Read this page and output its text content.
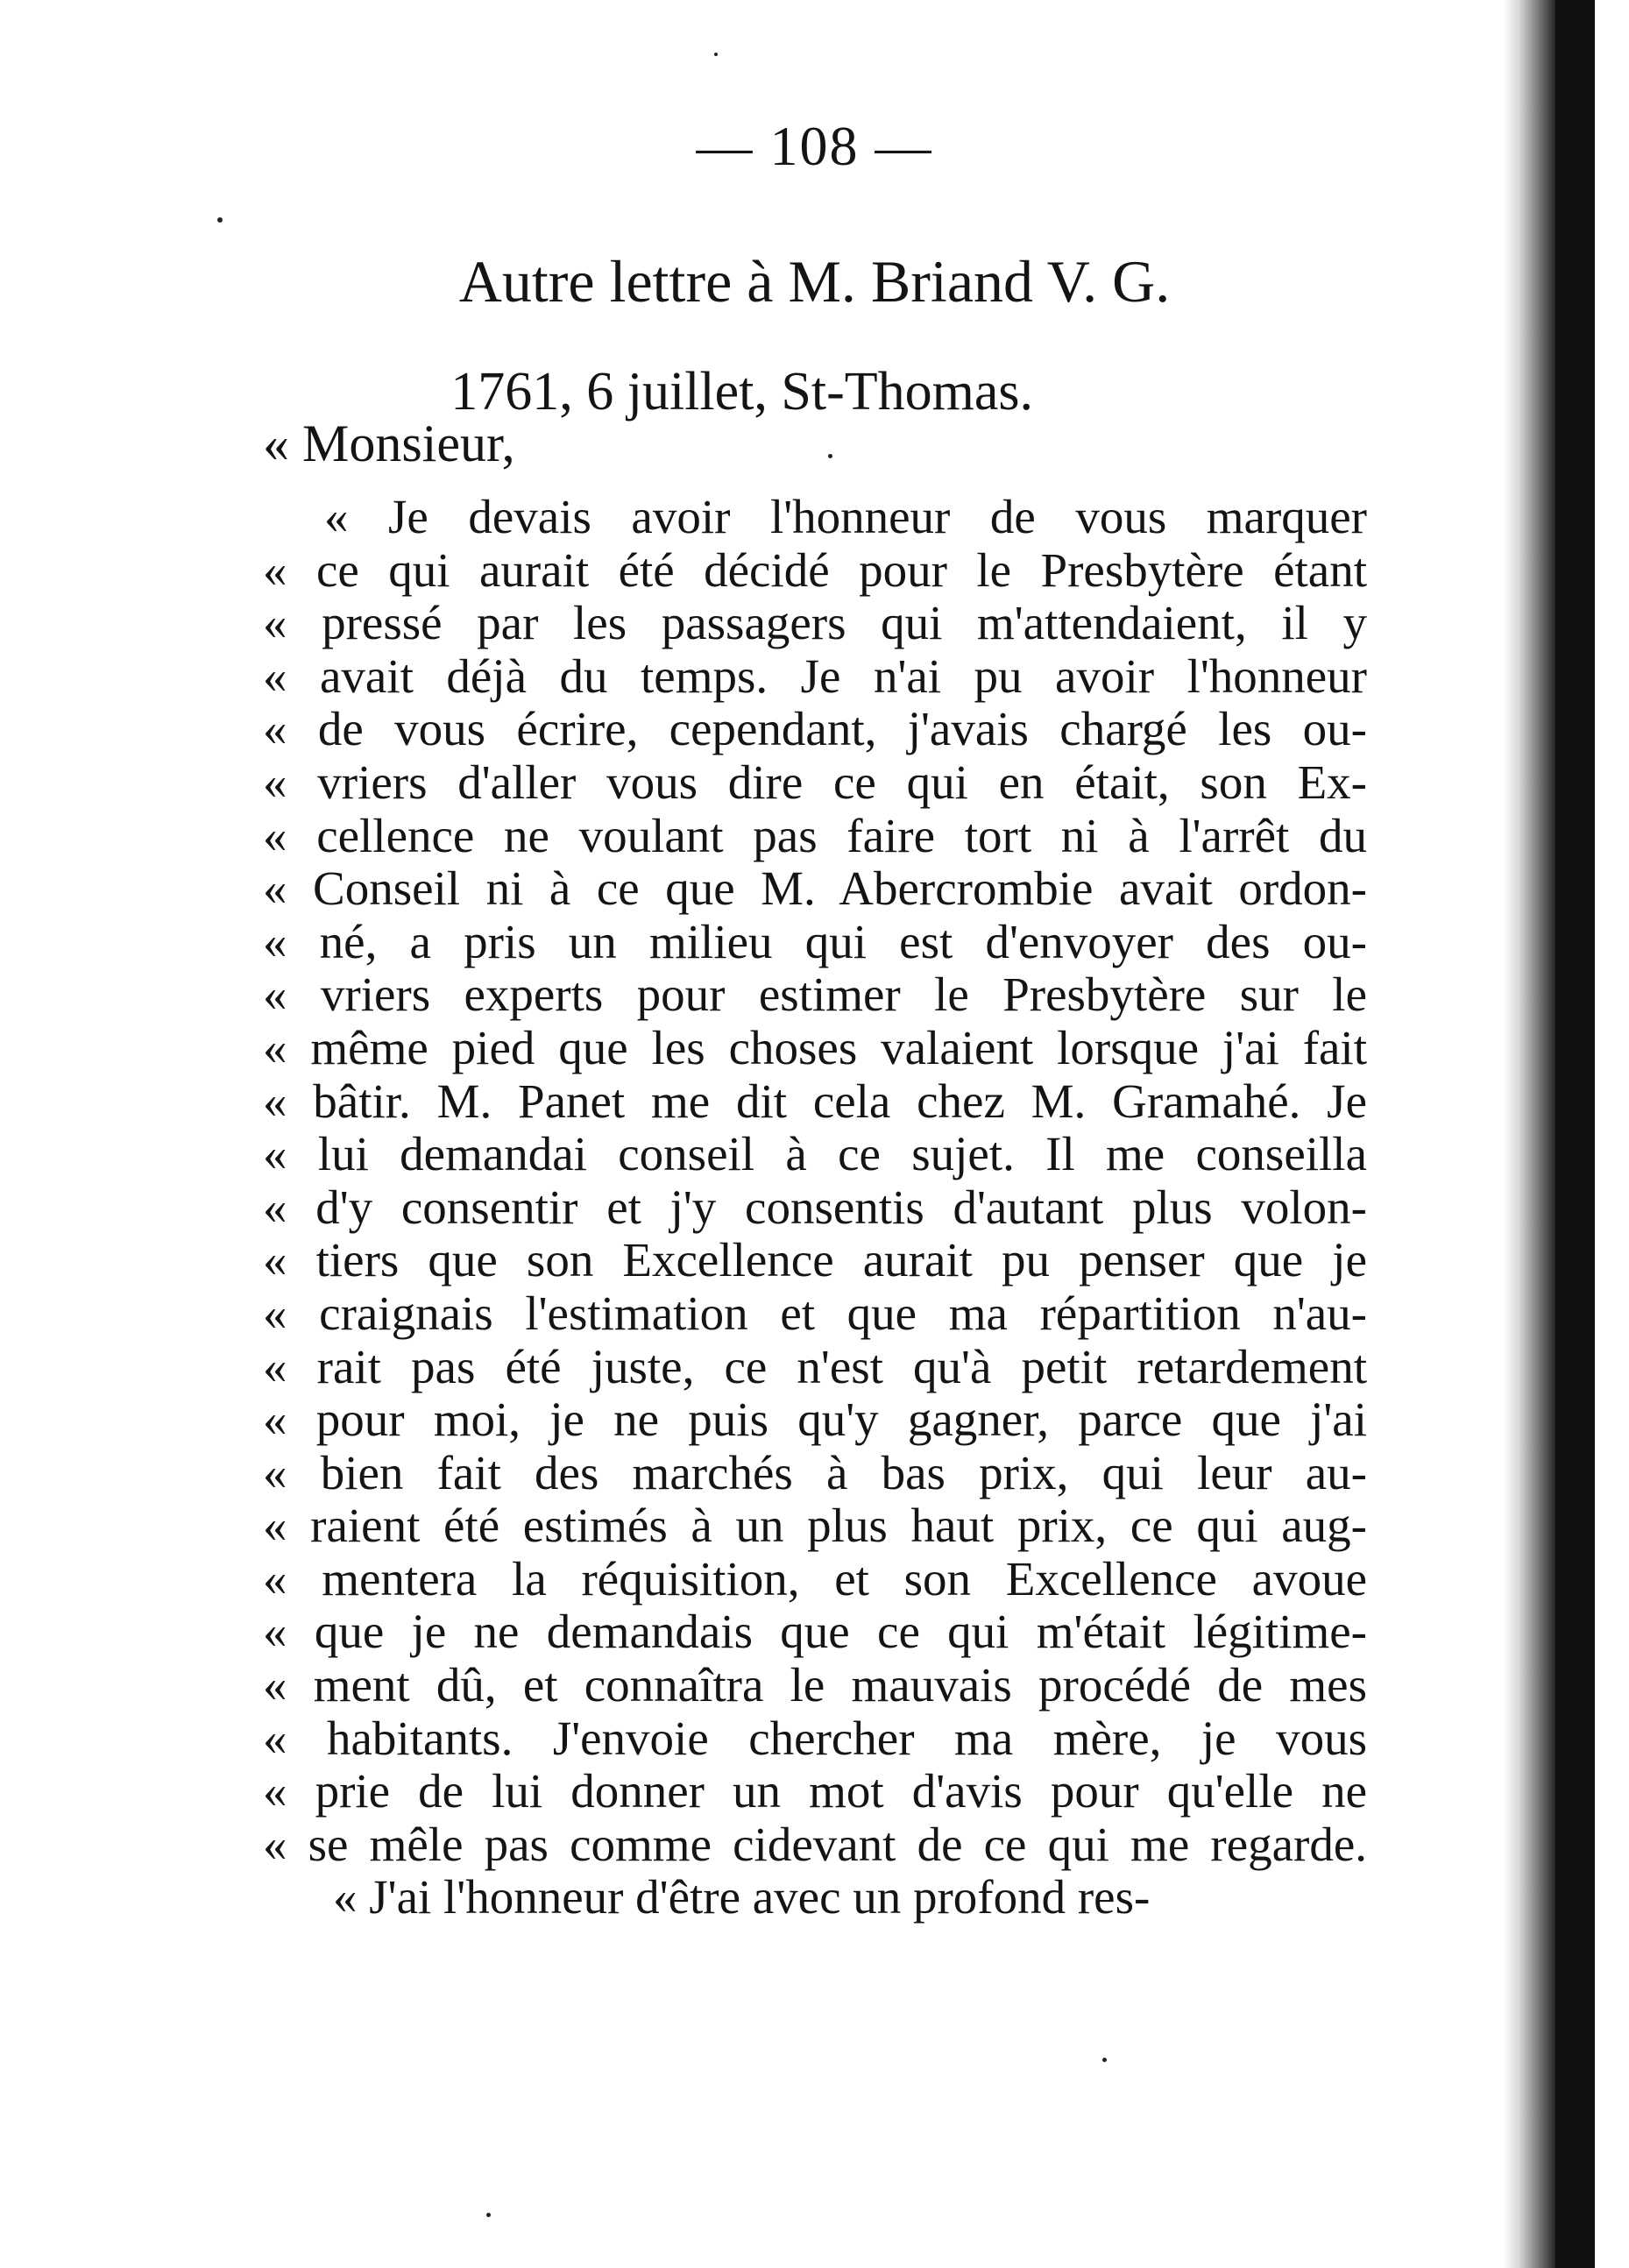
— 108 —
Autre lettre à M. Briand V. G.
1761, 6 juillet, St-Thomas.
« Monsieur,
« Je devais avoir l'honneur de vous marquer
« ce qui aurait été décidé pour le Presbytère étant
« pressé par les passagers qui m'attendaient, il y
« avait déjà du temps. Je n'ai pu avoir l'honneur
« de vous écrire, cependant, j'avais chargé les ou-
« vriers d'aller vous dire ce qui en était, son Ex-
« cellence ne voulant pas faire tort ni à l'arrêt du
« Conseil ni à ce que M. Abercrombie avait ordon-
« né, a pris un milieu qui est d'envoyer des ou-
« vriers experts pour estimer le Presbytère sur le
« même pied que les choses valaient lorsque j'ai fait
« bâtir. M. Panet me dit cela chez M. Gramahé. Je
« lui demandai conseil à ce sujet. Il me conseilla
« d'y consentir et j'y consentis d'autant plus volon-
« tiers que son Excellence aurait pu penser que je
« craignais l'estimation et que ma répartition n'au-
« rait pas été juste, ce n'est qu'à petit retardement
« pour moi, je ne puis qu'y gagner, parce que j'ai
« bien fait des marchés à bas prix, qui leur au-
« raient été estimés à un plus haut prix, ce qui aug-
« mentera la réquisition, et son Excellence avoue
« que je ne demandais que ce qui m'était légitime-
« ment dû, et connaîtra le mauvais procédé de mes
« habitants. J'envoie chercher ma mère, je vous
« prie de lui donner un mot d'avis pour qu'elle ne
« se mêle pas comme cidevant de ce qui me regarde.
« J'ai l'honneur d'être avec un profond res-
